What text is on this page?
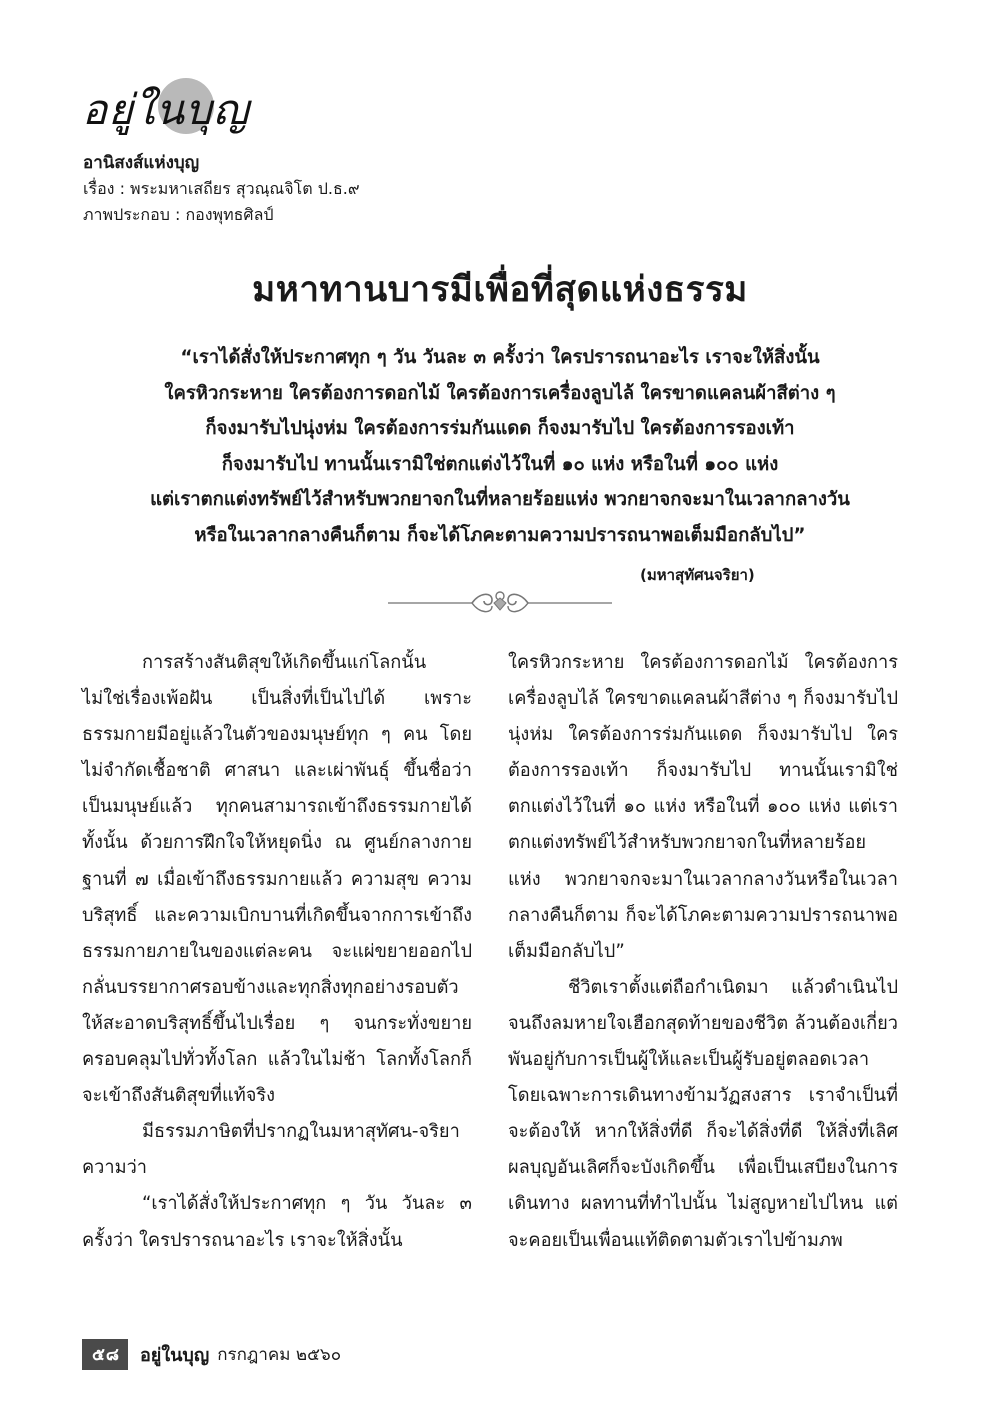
อยู่ในบุญ
อานิสงส์แห่งบุญ
เรื่อง : พระมหาเสถียร สุวณฺณจิโต ป.ธ.๙
ภาพประกอบ : กองพุทธศิลป์
มหาทานบารมีเพื่อที่สุดแห่งธรรม
“เราได้สั่งให้ประกาศทุก ๆ วัน วันละ ๓ ครั้งว่า ใครปรารถนาอะไร เราจะให้สิ่งนั้น
ใครหิวกระหาย ใครต้องการดอกไม้ ใครต้องการเครื่องลูบไล้ ใครขาดแคลนผ้าสีต่าง ๆ
ก็จงมารับไปนุ่งห่ม ใครต้องการร่มกันแดด ก็จงมารับไป ใครต้องการรองเท้า
ก็จงมารับไป ทานนั้นเรามิใช่ตกแต่งไว้ในที่ ๑๐ แห่ง หรือในที่ ๑๐๐ แห่ง
แต่เราตกแต่งทรัพย์ไว้สำหรับพวกยาจกในที่หลายร้อยแห่ง พวกยาจกจะมาในเวลากลางวัน
หรือในเวลากลางคืนก็ตาม ก็จะได้โภคะตามความปรารถนาพอเต็มมือกลับไป”
(มหาสุทัศนจริยา)

การสร้างสันติสุขให้เกิดขึ้นแก่โลกนั้น ไม่ใช่เรื่องเพ้อฝัน เป็นสิ่งที่เป็นไปได้ เพราะธรรมกายมีอยู่แล้วในตัวของมนุษย์ทุก ๆ คน โดยไม่จำกัดเชื้อชาติ ศาสนา และเผ่าพันธุ์ ขึ้นชื่อว่าเป็นมนุษย์แล้ว ทุกคนสามารถเข้าถึงธรรมกายได้ทั้งนั้น ด้วยการฝึกใจให้หยุดนิ่ง ณ ศูนย์กลางกายฐานที่ ๗ เมื่อเข้าถึงธรรมกายแล้ว ความสุข ความบริสุทธิ์ และความเบิกบานที่เกิดขึ้นจากการเข้าถึงธรรมกายภายในของแต่ละคน จะแผ่ขยายออกไปกลั่นบรรยากาศรอบข้างและทุกสิ่งทุกอย่างรอบตัวให้สะอาดบริสุทธิ์ขึ้นไปเรื่อย ๆ จนกระทั่งขยายครอบคลุมไปทั่วทั้งโลก แล้วในไม่ช้า โลกทั้งโลกก็จะเข้าถึงสันติสุขที่แท้จริง

มีธรรมภาษิตที่ปรากฏในมหาสุทัศน-จริยา ความว่า

“เราได้สั่งให้ประกาศทุก ๆ วัน วันละ ๓ ครั้งว่า ใครปรารถนาอะไร เราจะให้สิ่งนั้น

ใครหิวกระหาย ใครต้องการดอกไม้ ใครต้องการเครื่องลูบไล้ ใครขาดแคลนผ้าสีต่าง ๆ ก็จงมารับไปนุ่งห่ม ใครต้องการร่มกันแดด ก็จงมารับไป ใครต้องการรองเท้า ก็จงมารับไป ทานนั้นเรามิใช่ตกแต่งไว้ในที่ ๑๐ แห่ง หรือในที่ ๑๐๐ แห่ง แต่เราตกแต่งทรัพย์ไว้สำหรับพวกยาจกในที่หลายร้อยแห่ง พวกยาจกจะมาในเวลากลางวันหรือในเวลากลางคืนก็ตาม ก็จะได้โภคะตามความปรารถนาพอเต็มมือกลับไป”

ชีวิตเราตั้งแต่ถือกำเนิดมา แล้วดำเนินไปจนถึงลมหายใจเฮือกสุดท้ายของชีวิต ล้วนต้องเกี่ยวพันอยู่กับการเป็นผู้ให้และเป็นผู้รับอยู่ตลอดเวลา โดยเฉพาะการเดินทางข้ามวัฏสงสาร เราจำเป็นที่จะต้องให้ หากให้สิ่งที่ดี ก็จะได้สิ่งที่ดี ให้สิ่งที่เลิศ ผลบุญอันเลิศก็จะบังเกิดขึ้น เพื่อเป็นเสบียงในการเดินทาง ผลทานที่ทำไปนั้น ไม่สูญหายไปไหน แต่จะคอยเป็นเพื่อนแท้ติดตามตัวเราไปข้ามภพ

๕๘	อยู่ในบุญ กรกฎาคม ๒๕๖๐
